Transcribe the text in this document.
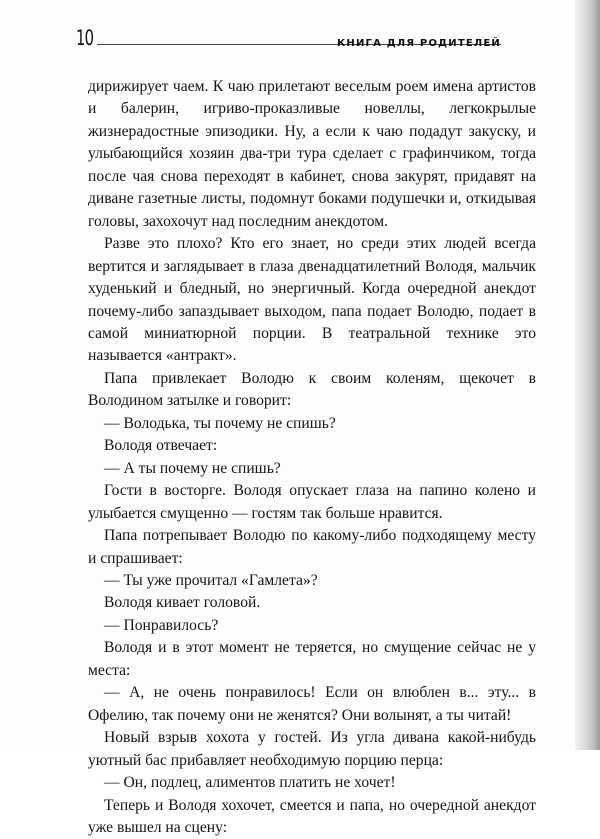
10	КНИГА ДЛЯ РОДИТЕЛЕЙ

дирижирует чаем. К чаю прилетают веселым роем имена артистов и балерин, игриво-проказливые новеллы, легкокрылые жизнерадостные эпизодики. Ну, а если к чаю подадут закуску, и улыбающийся хозяин два-три тура сделает с графинчиком, тогда после чая снова переходят в кабинет, снова закурят, придавят на диване газетные листы, подомнут боками подушечки и, откидывая головы, захохочут над последним анекдотом.

Разве это плохо? Кто его знает, но среди этих людей всегда вертится и заглядывает в глаза двенадцатилетний Володя, мальчик худенький и бледный, но энергичный. Когда очередной анекдот почему-либо запаздывает выходом, папа подает Володю, подает в самой миниатюрной порции. В театральной технике это называется «антракт».

Папа привлекает Володю к своим коленям, щекочет в Володином затылке и говорит:

— Володька, ты почему не спишь?

Володя отвечает:

— А ты почему не спишь?

Гости в восторге. Володя опускает глаза на папино колено и улыбается смущенно — гостям так больше нравится.

Папа потрепывает Володю по какому-либо подходящему месту и спрашивает:

— Ты уже прочитал «Гамлета»?

Володя кивает головой.

— Понравилось?

Володя и в этот момент не теряется, но смущение сейчас не у места:

— А, не очень понравилось! Если он влюблен в... эту... в Офелию, так почему они не женятся? Они волынят, а ты читай!

Новый взрыв хохота у гостей. Из угла дивана какой-нибудь уютный бас прибавляет необходимую порцию перца:

— Он, подлец, алиментов платить не хочет!

Теперь и Володя хохочет, смеется и папа, но очередной анекдот уже вышел на сцену:
